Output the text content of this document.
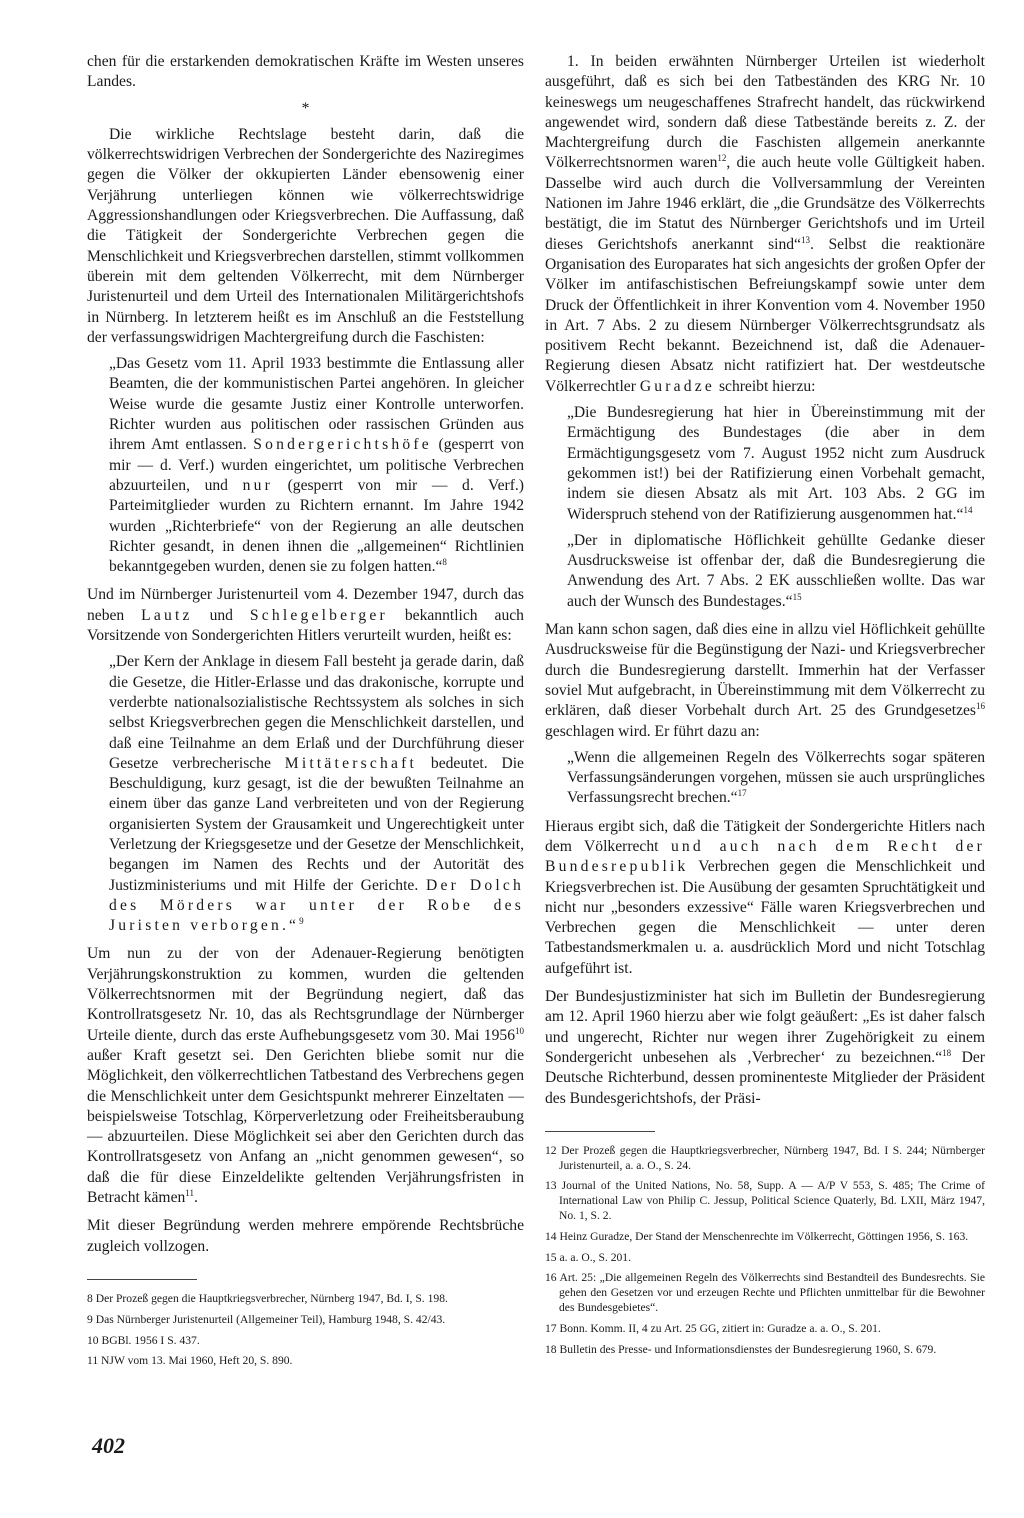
chen für die erstarkenden demokratischen Kräfte im Westen unseres Landes.

*

Die wirkliche Rechtslage besteht darin, daß die völkerrechtswidrigen Verbrechen der Sondergerichte des Naziregimes gegen die Völker der okkupierten Länder ebensowenig einer Verjährung unterliegen können wie völkerrechtswidrige Aggressionshandlungen oder Kriegsverbrechen. Die Auffassung, daß die Tätigkeit der Sondergerichte Verbrechen gegen die Menschlichkeit und Kriegsverbrechen darstellen, stimmt vollkommen überein mit dem geltenden Völkerrecht, mit dem Nürnberger Juristenurteil und dem Urteil des Internationalen Militärgerichtshofs in Nürnberg. In letzterem heißt es im Anschluß an die Feststellung der verfassungswidrigen Machtergreifung durch die Faschisten:

„Das Gesetz vom 11. April 1933 bestimmte die Entlassung aller Beamten, die der kommunistischen Partei angehören. In gleicher Weise wurde die gesamte Justiz einer Kontrolle unterworfen. Richter wurden aus politischen oder rassischen Gründen aus ihrem Amt entlassen. Sondergerichtshöfe (gesperrt von mir — d. Verf.) wurden eingerichtet, um politische Verbrechen abzuurteilen, und nur (gesperrt von mir — d. Verf.) Parteimitglieder wurden zu Richtern ernannt. Im Jahre 1942 wurden „Richterbriefe“ von der Regierung an alle deutschen Richter gesandt, in denen ihnen die „allgemeinen“ Richtlinien bekanntgegeben wurden, denen sie zu folgen hatten.“$^8$

Und im Nürnberger Juristenurteil vom 4. Dezember 1947, durch das neben Lautz und Schlegelberger bekanntlich auch Vorsitzende von Sondergerichten Hitlers verurteilt wurden, heißt es:

„Der Kern der Anklage in diesem Fall besteht ja gerade darin, daß die Gesetze, die Hitler-Erlasse und das drakonische, korrupte und verderbte nationalsozialistische Rechtssystem als solches in sich selbst Kriegsverbrechen gegen die Menschlichkeit darstellen, und daß eine Teilnahme an dem Erlaß und der Durchführung dieser Gesetze verbrecherische Mittäterschaft bedeutet. Die Beschuldigung, kurz gesagt, ist die der bewußten Teilnahme an einem über das ganze Land verbreiteten und von der Regierung organisierten System der Grausamkeit und Ungerechtigkeit unter Verletzung der Kriegsgesetze und der Gesetze der Menschlichkeit, begangen im Namen des Rechts und der Autorität des Justizministeriums und mit Hilfe der Gerichte. Der Dolch des Mörders war unter der Robe des Juristen verborgen.“$^9$

Um nun zu der von der Adenauer-Regierung benötigten Verjährungskonstruktion zu kommen, wurden die geltenden Völkerrechtsnormen mit der Begründung negiert, daß das Kontrollratsgesetz Nr. 10, das als Rechtsgrundlage der Nürnberger Urteile diente, durch das erste Aufhebungsgesetz vom 30. Mai 1956$^{10}$ außer Kraft gesetzt sei. Den Gerichten bliebe somit nur die Möglichkeit, den völkerrechtlichen Tatbestand des Verbrechens gegen die Menschlichkeit unter dem Gesichtspunkt mehrerer Einzeltaten — beispielsweise Totschlag, Körperverletzung oder Freiheitsberaubung — abzuurteilen. Diese Möglichkeit sei aber den Gerichten durch das Kontrollratsgesetz von Anfang an „nicht genommen gewesen“, so daß die für diese Einzeldelikte geltenden Verjährungsfristen in Betracht kämen$^{11}$.

Mit dieser Begründung werden mehrere empörende Rechtsbrüche zugleich vollzogen.

8 Der Prozeß gegen die Hauptkriegsverbrecher, Nürnberg 1947, Bd. I, S. 198.

9 Das Nürnberger Juristenurteil (Allgemeiner Teil), Hamburg 1948, S. 42/43.

10 BGBl. 1956 I S. 437.

11 NJW vom 13. Mai 1960, Heft 20, S. 890.

1. In beiden erwähnten Nürnberger Urteilen ist wiederholt ausgeführt, daß es sich bei den Tatbeständen des KRG Nr. 10 keineswegs um neugeschaffenes Strafrecht handelt, das rückwirkend angewendet wird, sondern daß diese Tatbestände bereits z. Z. der Machtergreifung durch die Faschisten allgemein anerkannte Völkerrechtsnormen waren$^{12}$, die auch heute volle Gültigkeit haben. Dasselbe wird auch durch die Vollversammlung der Vereinten Nationen im Jahre 1946 erklärt, die „die Grundsätze des Völkerrechts bestätigt, die im Statut des Nürnberger Gerichtshofs und im Urteil dieses Gerichtshofs anerkannt sind“$^{13}$. Selbst die reaktionäre Organisation des Europarates hat sich angesichts der großen Opfer der Völker im antifaschistischen Befreiungskampf sowie unter dem Druck der Öffentlichkeit in ihrer Konvention vom 4. November 1950 in Art. 7 Abs. 2 zu diesem Nürnberger Völkerrechtsgrundsatz als positivem Recht bekannt. Bezeichnend ist, daß die Adenauer-Regierung diesen Absatz nicht ratifiziert hat. Der westdeutsche Völkerrechtler Guradze schreibt hierzu:

„Die Bundesregierung hat hier in Übereinstimmung mit der Ermächtigung des Bundestages (die aber in dem Ermächtigungsgesetz vom 7. August 1952 nicht zum Ausdruck gekommen ist!) bei der Ratifizierung einen Vorbehalt gemacht, indem sie diesen Absatz als mit Art. 103 Abs. 2 GG im Widerspruch stehend von der Ratifizierung ausgenommen hat.“$^{14}$

„Der in diplomatische Höflichkeit gehüllte Gedanke dieser Ausdrucksweise ist offenbar der, daß die Bundesregierung die Anwendung des Art. 7 Abs. 2 EK ausschließen wollte. Das war auch der Wunsch des Bundestages.“$^{15}$

Man kann schon sagen, daß dies eine in allzu viel Höflichkeit gehüllte Ausdrucksweise für die Begünstigung der Nazi- und Kriegsverbrecher durch die Bundesregierung darstellt. Immerhin hat der Verfasser soviel Mut aufgebracht, in Übereinstimmung mit dem Völkerrecht zu erklären, daß dieser Vorbehalt durch Art. 25 des Grundgesetzes$^{16}$ geschlagen wird. Er führt dazu an:

„Wenn die allgemeinen Regeln des Völkerrechts sogar späteren Verfassungsänderungen vorgehen, müssen sie auch ursprüngliches Verfassungsrecht brechen.“$^{17}$

Hieraus ergibt sich, daß die Tätigkeit der Sondergerichte Hitlers nach dem Völkerrecht und auch nach dem Recht der Bundesrepublik Verbrechen gegen die Menschlichkeit und Kriegsverbrechen ist. Die Ausübung der gesamten Spruchtätigkeit und nicht nur „besonders exzessive“ Fälle waren Kriegsverbrechen und Verbrechen gegen die Menschlichkeit — unter deren Tatbestandsmerkmalen u. a. ausdrücklich Mord und nicht Totschlag aufgeführt ist.

Der Bundesjustizminister hat sich im Bulletin der Bundesregierung am 12. April 1960 hierzu aber wie folgt geäußert: „Es ist daher falsch und ungerecht, Richter nur wegen ihrer Zugehörigkeit zu einem Sondergericht unbesehen als ‚Verbrecher‘ zu bezeichnen.“$^{18}$ Der Deutsche Richterbund, dessen prominenteste Mitglieder der Präsident des Bundesgerichtshofs, der Präsi-

12 Der Prozeß gegen die Hauptkriegsverbrecher, Nürnberg 1947, Bd. I S. 244; Nürnberger Juristenurteil, a. a. O., S. 24.

13 Journal of the United Nations, No. 58, Supp. A — A/P V 553, S. 485; The Crime of International Law von Philip C. Jessup, Political Science Quaterly, Bd. LXII, März 1947, No. 1, S. 2.

14 Heinz Guradze, Der Stand der Menschenrechte im Völkerrecht, Göttingen 1956, S. 163.

15 a. a. O., S. 201.

16 Art. 25: „Die allgemeinen Regeln des Völkerrechts sind Bestandteil des Bundesrechts. Sie gehen den Gesetzen vor und erzeugen Rechte und Pflichten unmittelbar für die Bewohner des Bundesgebietes“.

17 Bonn. Komm. II, 4 zu Art. 25 GG, zitiert in: Guradze a. a. O., S. 201.

18 Bulletin des Presse- und Informationsdienstes der Bundesregierung 1960, S. 679.

402
